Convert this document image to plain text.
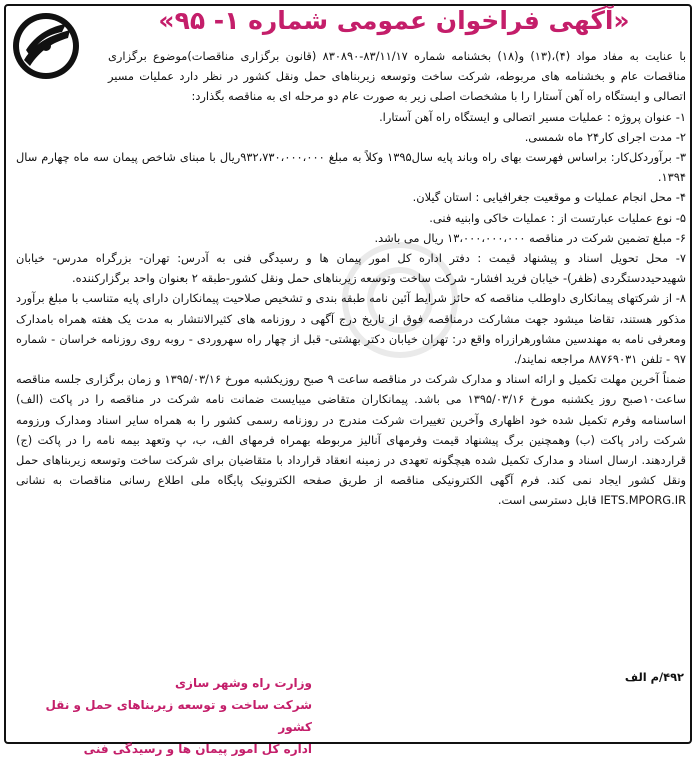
«آگهی فراخوان عمومی شماره ۱- ۹۵»

با عنایت به مفاد مواد (۴)،(۱۳) و(۱۸) بخشنامه شماره ۸۳/۱۱/۱۷-۸۳۰۸۹۰ (قانون برگزاری مناقصات)موضوع برگزاری مناقصات عام و بخشنامه های مربوطه، شرکت ساخت وتوسعه زیربناهای حمل ونقل کشور در نظر دارد عملیات مسیر اتصالی و ایستگاه راه آهن آستارا را با مشخصات اصلی زیر به صورت عام دو مرحله ای به مناقصه بگذارد:

۱- عنوان پروژه : عملیات مسیر اتصالی و ایستگاه راه آهن آستارا.

۲- مدت اجرای کار۲۴ ماه شمسی.

۳- برآوردکل‌کار: براساس فهرست بهای راه وباند پایه سال۱۳۹۵ وکلاً به مبلغ ۹۳۲،۷۳۰،۰۰۰،۰۰۰ریال با مبنای شاخص پیمان سه ماه چهارم سال ۱۳۹۴.

۴- محل انجام عملیات و موقعیت جغرافیایی : استان گیلان.

۵- نوع عملیات عبارتست از : عملیات خاکی وابنیه فنی.

۶- مبلغ تضمین شرکت در مناقصه ۱۳،۰۰۰،۰۰۰،۰۰۰ ریال می باشد.

۷- محل تحویل اسناد و پیشنهاد قیمت : دفتر اداره کل امور پیمان ها و رسیدگی فنی به آدرس: تهران- بزرگراه مدرس- خیابان شهیدحیددستگردی (ظفر)- خیابان فرید افشار- شرکت ساخت وتوسعه زیربناهای حمل ونقل کشور-طبقه ۲ بعنوان واحد برگزارکننده.

۸- از شرکتهای پیمانکاری داوطلب مناقصه که حائز شرایط آئین نامه طبقه بندی و تشخیص صلاحیت پیمانکاران دارای پایه متناسب با مبلغ برآورد مذکور هستند، تقاضا میشود جهت مشارکت درمناقصه فوق از تاریخ درج آگهی د روزنامه های کثیرالانتشار به مدت یک هفته همراه بامدارک ومعرفی نامه به مهندسین مشاورهرازراه واقع در: تهران خیابان دکتر بهشتی- قبل از چهار راه سهروردی - روبه روی روزنامه خراسان - شماره ۹۷ - تلفن ۸۸۷۶۹۰۳۱ مراجعه نمایند/.

ضمناً آخرین مهلت تکمیل و ارائه اسناد و مدارک شرکت در مناقصه ساعت ۹ صبح روزیکشبه مورخ ۱۳۹۵/۰۳/۱۶ و زمان برگزاری جلسه مناقصه ساعت۱۰صبح روز یکشنبه مورخ ۱۳۹۵/۰۳/۱۶ می باشد. پیمانکاران متقاضی میبایست ضمانت نامه شرکت در مناقصه را در پاکت (الف) اساسنامه وفرم تکمیل شده خود اظهاری وآخرین تغییرات شرکت مندرج در روزنامه رسمی کشور را به همراه سایر اسناد ومدارک ورزومه شرکت رادر پاکت (ب) وهمچنین برگ پیشنهاد قیمت وفرمهای آنالیز مربوطه بهمراه فرمهای الف، ب، پ وتعهد بیمه نامه را در پاکت (ج) قراردهند. ارسال اسناد و مدارک تکمیل شده هیچگونه تعهدی در زمینه انعقاد قرارداد با متقاضیان برای شرکت ساخت وتوسعه زیربناهای حمل ونقل کشور ایجاد نمی کند. فرم آگهی الکترونیکی مناقصه از طریق صفحه الکترونیک پایگاه ملی اطلاع رسانی مناقصات به نشانی IETS.MPORG.IR قابل دسترسی است.

۴۹۲/م الف
وزارت راه وشهر سازی
شرکت ساخت و توسعه زیربناهای حمل و نقل کشور
اداره کل امور پیمان ها و رسیدگی فنی
